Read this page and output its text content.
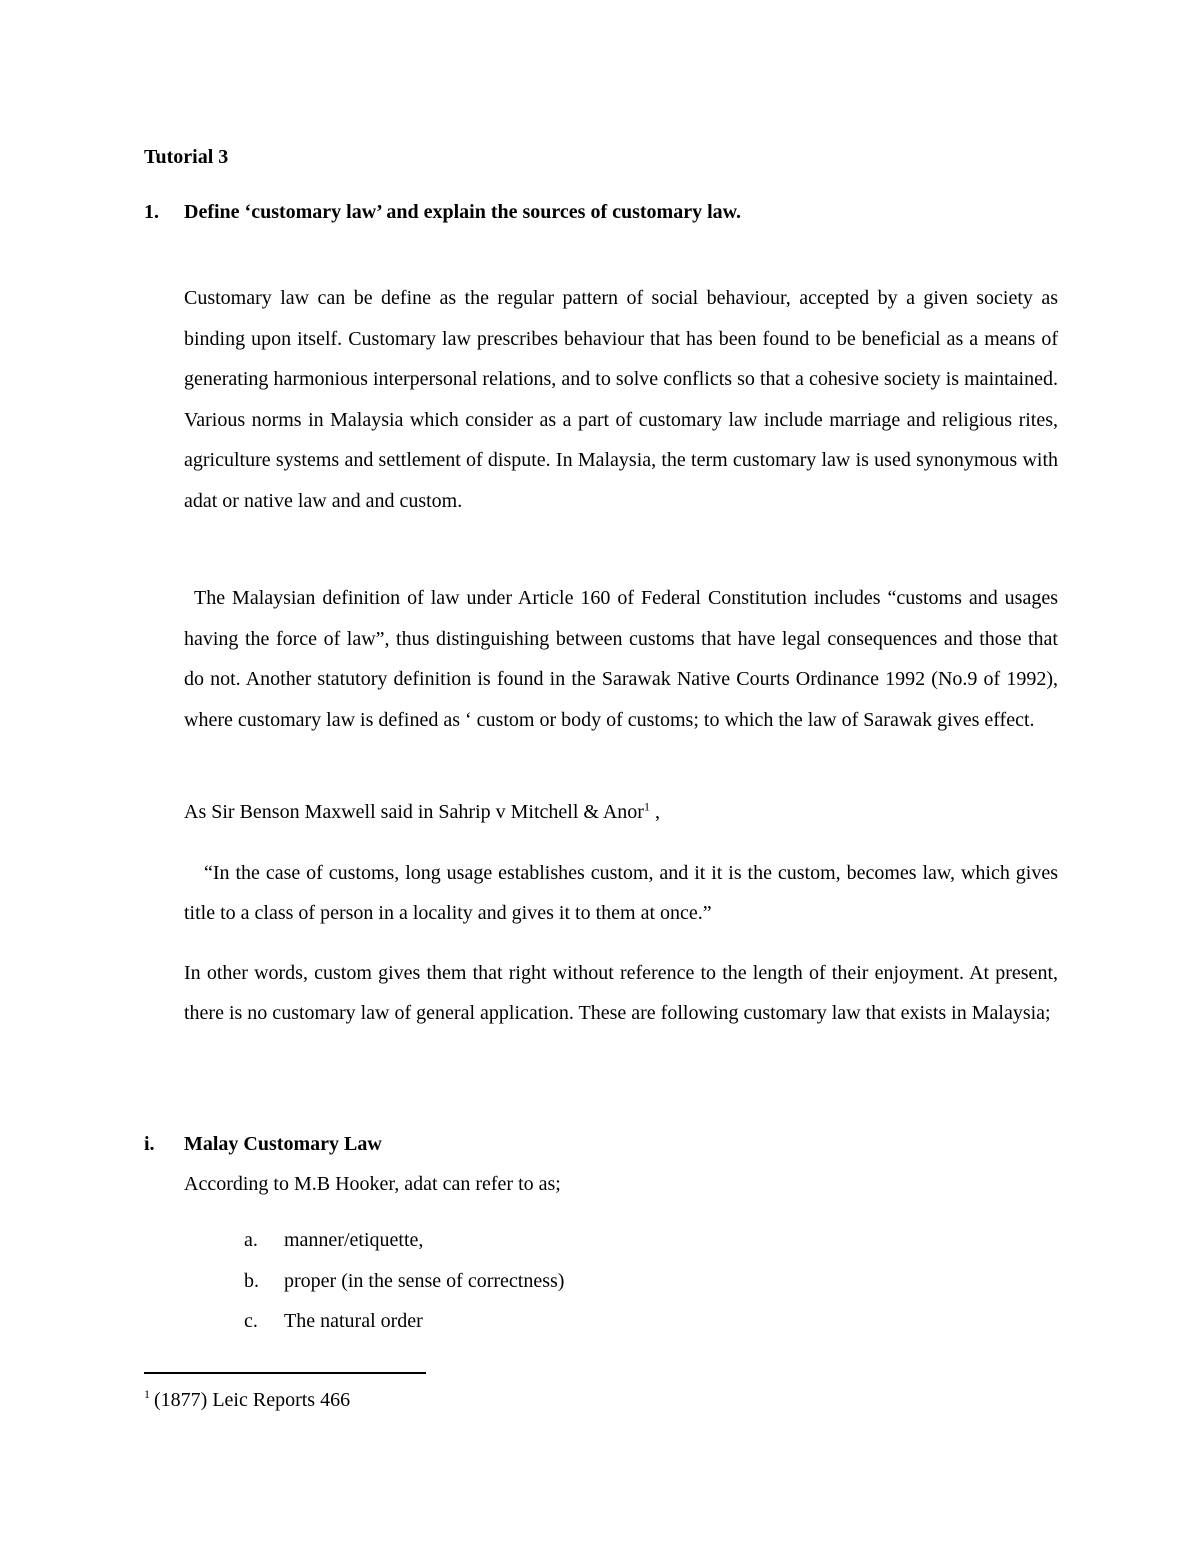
Tutorial 3
1. Define ‘customary law’ and explain the sources of customary law.

Customary law can be define as the regular pattern of social behaviour, accepted by a given society as binding upon itself. Customary law prescribes behaviour that has been found to be beneficial as a means of generating harmonious interpersonal relations, and to solve conflicts so that a cohesive society is maintained. Various norms in Malaysia which consider as a part of customary law include marriage and religious rites, agriculture systems and settlement of dispute. In Malaysia, the term customary law is used synonymous with adat or native law and and custom.

The Malaysian definition of law under Article 160 of Federal Constitution includes “customs and usages having the force of law”, thus distinguishing between customs that have legal consequences and those that do not. Another statutory definition is found in the Sarawak Native Courts Ordinance 1992 (No.9 of 1992), where customary law is defined as ‘ custom or body of customs; to which the law of Sarawak gives effect.

As Sir Benson Maxwell said in Sahrip v Mitchell & Anor$^1$ ,

“In the case of customs, long usage establishes custom, and it it is the custom, becomes law, which gives title to a class of person in a locality and gives it to them at once.”

In other words, custom gives them that right without reference to the length of their enjoyment. At present, there is no customary law of general application. These are following customary law that exists in Malaysia;

i. Malay Customary Law
According to M.B Hooker, adat can refer to as;
a. manner/etiquette,
b. proper (in the sense of correctness)
c. The natural order
$^1$ (1877) Leic Reports 466
